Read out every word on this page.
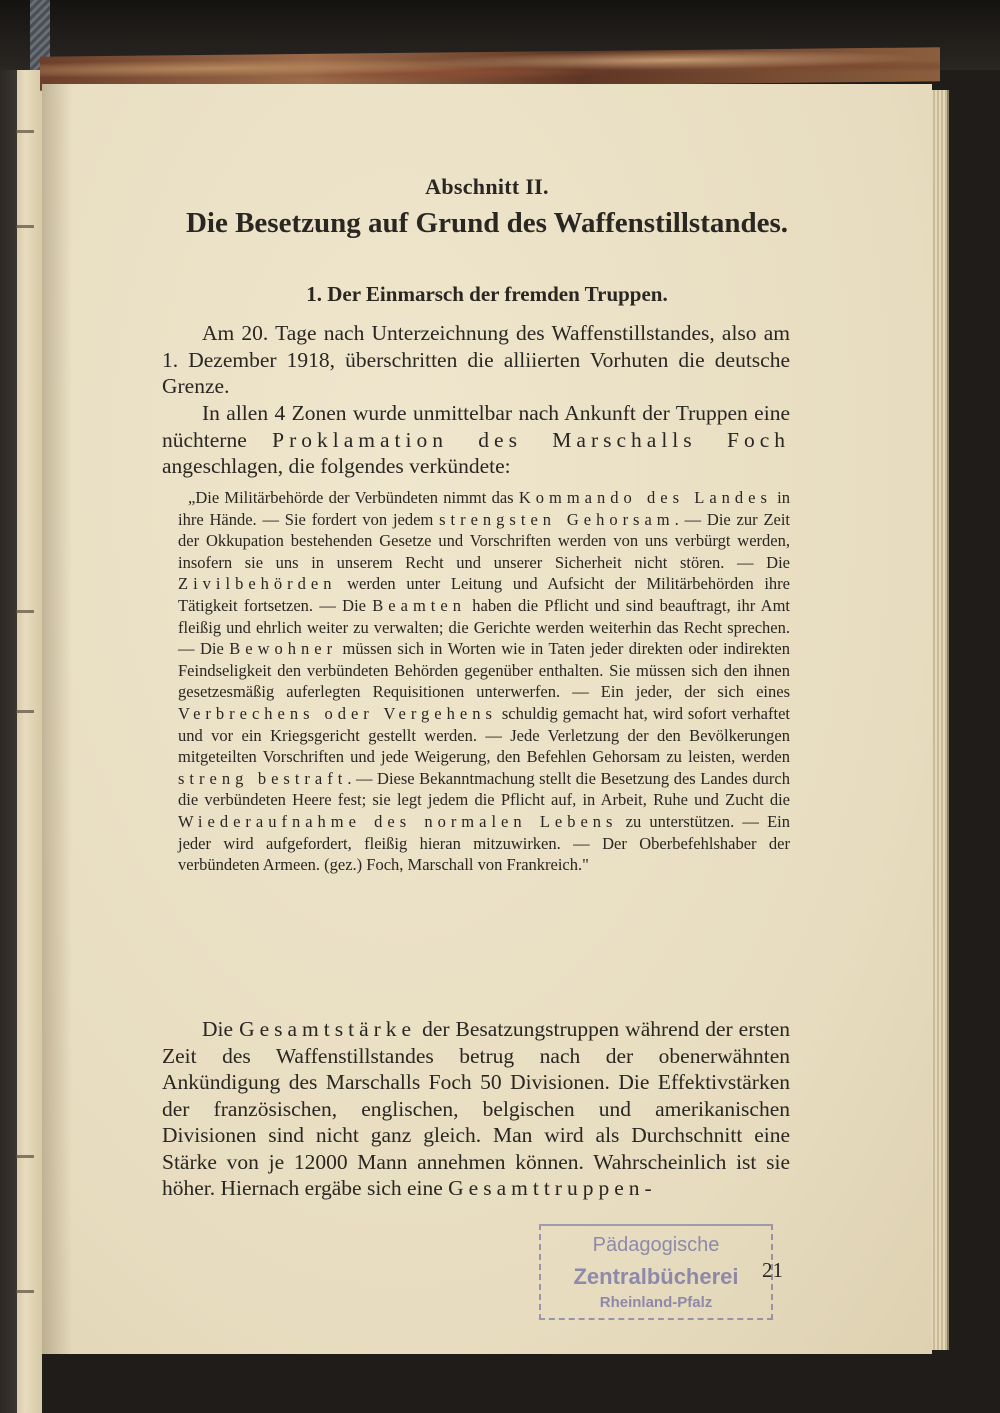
Abschnitt II.
Die Besetzung auf Grund des Waffenstillstandes.
1. Der Einmarsch der fremden Truppen.
Am 20. Tage nach Unterzeichnung des Waffenstillstandes, also am 1. Dezember 1918, überschritten die alliierten Vorhuten die deutsche Grenze.
In allen 4 Zonen wurde unmittelbar nach Ankunft der Truppen eine nüchterne Proklamation des Marschalls Foch angeschlagen, die folgendes verkündete:
„Die Militärbehörde der Verbündeten nimmt das Kommando des Landes in ihre Hände. — Sie fordert von jedem strengsten Gehorsam. — Die zur Zeit der Okkupation bestehenden Gesetze und Vorschriften werden von uns verbürgt werden, insofern sie uns in unserem Recht und unserer Sicherheit nicht stören. — Die Zivilbehörden werden unter Leitung und Aufsicht der Militärbehörden ihre Tätigkeit fortsetzen. — Die Beamten haben die Pflicht und sind beauftragt, ihr Amt fleißig und ehrlich weiter zu verwalten; die Gerichte werden weiterhin das Recht sprechen. — Die Bewohner müssen sich in Worten wie in Taten jeder direkten oder indirekten Feindseligkeit den verbündeten Behörden gegenüber enthalten. Sie müssen sich den ihnen gesetzesmäßig auferlegten Requisitionen unterwerfen. — Ein jeder, der sich eines Verbrechens oder Vergehens schuldig gemacht hat, wird sofort verhaftet und vor ein Kriegsgericht gestellt werden. — Jede Verletzung der den Bevölkerungen mitgeteilten Vorschriften und jede Weigerung, den Befehlen Gehorsam zu leisten, werden streng bestraft. — Diese Bekanntmachung stellt die Besetzung des Landes durch die verbündeten Heere fest; sie legt jedem die Pflicht auf, in Arbeit, Ruhe und Zucht die Wiederaufnahme des normalen Lebens zu unterstützen. — Ein jeder wird aufgefordert, fleißig hieran mitzuwirken. — Der Oberbefehlshaber der verbündeten Armeen. (gez.) Foch, Marschall von Frankreich."
Die Gesamtstärke der Besatzungstruppen während der ersten Zeit des Waffenstillstandes betrug nach der obenerwähnten Ankündigung des Marschalls Foch 50 Divisionen. Die Effektivstärken der französischen, englischen, belgischen und amerikanischen Divisionen sind nicht ganz gleich. Man wird als Durchschnitt eine Stärke von je 12000 Mann annehmen können. Wahrscheinlich ist sie höher. Hiernach ergäbe sich eine Gesamttruppen-
Pädagogische
Zentralbücherei
Rheinland-Pfalz
21
